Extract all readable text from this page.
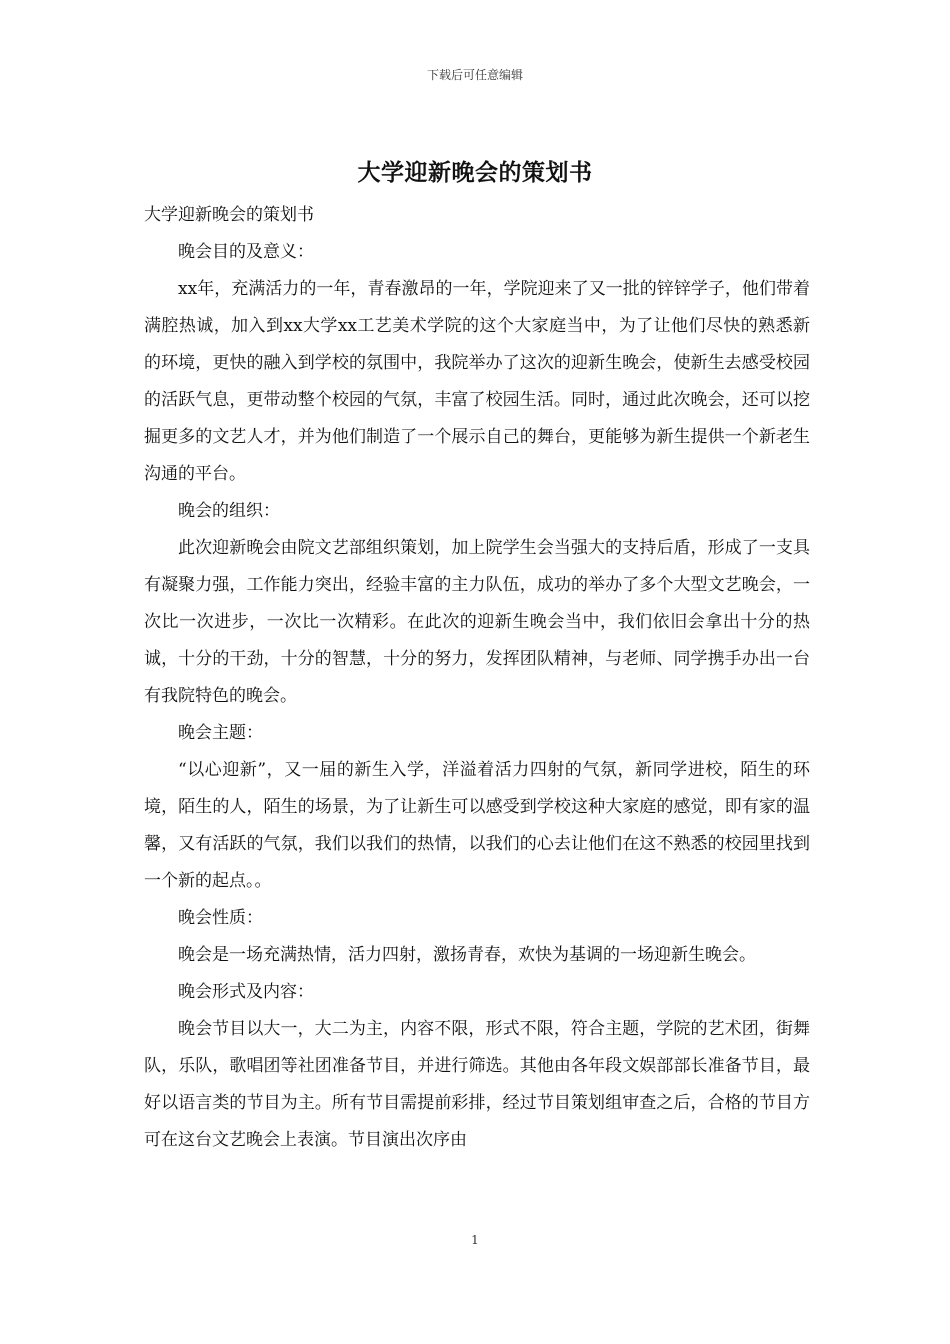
下载后可任意编辑
大学迎新晚会的策划书

大学迎新晚会的策划书

晚会目的及意义：

xx年，充满活力的一年，青春激昂的一年，学院迎来了又一批的锌锌学子，他们带着满腔热诚，加入到xx大学xx工艺美术学院的这个大家庭当中，为了让他们尽快的熟悉新的环境，更快的融入到学校的氛围中，我院举办了这次的迎新生晚会，使新生去感受校园的活跃气息，更带动整个校园的气氛，丰富了校园生活。同时，通过此次晚会，还可以挖掘更多的文艺人才，并为他们制造了一个展示自己的舞台，更能够为新生提供一个新老生沟通的平台。

晚会的组织：

此次迎新晚会由院文艺部组织策划，加上院学生会当强大的支持后盾，形成了一支具有凝聚力强，工作能力突出，经验丰富的主力队伍，成功的举办了多个大型文艺晚会，一次比一次进步，一次比一次精彩。在此次的迎新生晚会当中，我们依旧会拿出十分的热诚，十分的干劲，十分的智慧，十分的努力，发挥团队精神，与老师、同学携手办出一台有我院特色的晚会。

晚会主题：

“以心迎新”，又一届的新生入学，洋溢着活力四射的气氛，新同学进校，陌生的环境，陌生的人，陌生的场景，为了让新生可以感受到学校这种大家庭的感觉，即有家的温馨，又有活跃的气氛，我们以我们的热情，以我们的心去让他们在这不熟悉的校园里找到一个新的起点。。

晚会性质：

晚会是一场充满热情，活力四射，激扬青春，欢快为基调的一场迎新生晚会。

晚会形式及内容：

晚会节目以大一，大二为主，内容不限，形式不限，符合主题，学院的艺术团，街舞队，乐队，歌唱团等社团准备节目，并进行筛选。其他由各年段文娱部部长准备节目，最好以语言类的节目为主。所有节目需提前彩排，经过节目策划组审查之后，合格的节目方可在这台文艺晚会上表演。节目演出次序由

1
